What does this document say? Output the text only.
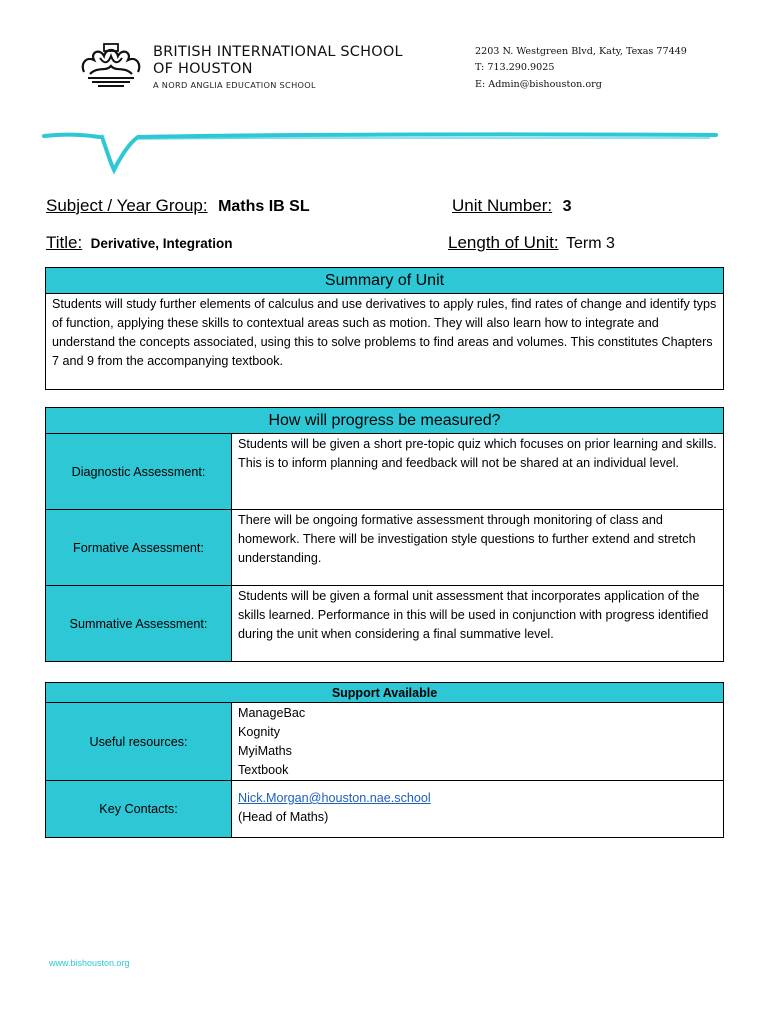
BRITISH INTERNATIONAL SCHOOL
OF HOUSTON
A NORD ANGLIA EDUCATION SCHOOL
2203 N. Westgreen Blvd, Katy, Texas 77449
T: 713.290.9025
E: Admin@bishouston.org
Subject / Year Group: Maths IB SL	Unit Number: 3
Title: Derivative, Integration	Length of Unit: Term 3
Summary of Unit
Students will study further elements of calculus and use derivatives to apply rules, find rates of change and identify typs of function, applying these skills to contextual areas such as motion. They will also learn how to integrate and understand the concepts associated, using this to solve problems to find areas and volumes. This constitutes Chapters 7 and 9 from the accompanying textbook.
How will progress be measured?	
Diagnostic Assessment:	Students will be given a short pre-topic quiz which focuses on prior learning and skills. This is to inform planning and feedback will not be shared at an individual level.
Formative Assessment:	There will be ongoing formative assessment through monitoring of class and homework. There will be investigation style questions to further extend and stretch understanding.
Summative Assessment:	Students will be given a formal unit assessment that incorporates application of the skills learned. Performance in this will be used in conjunction with progress identified during the unit when considering a final summative level.
Support Available	
Useful resources:	ManageBac
Kognity
MyiMaths
Textbook

Key Contacts:	Nick.Morgan@houston.nae.school
(Head of Maths)
www.bishouston.org
